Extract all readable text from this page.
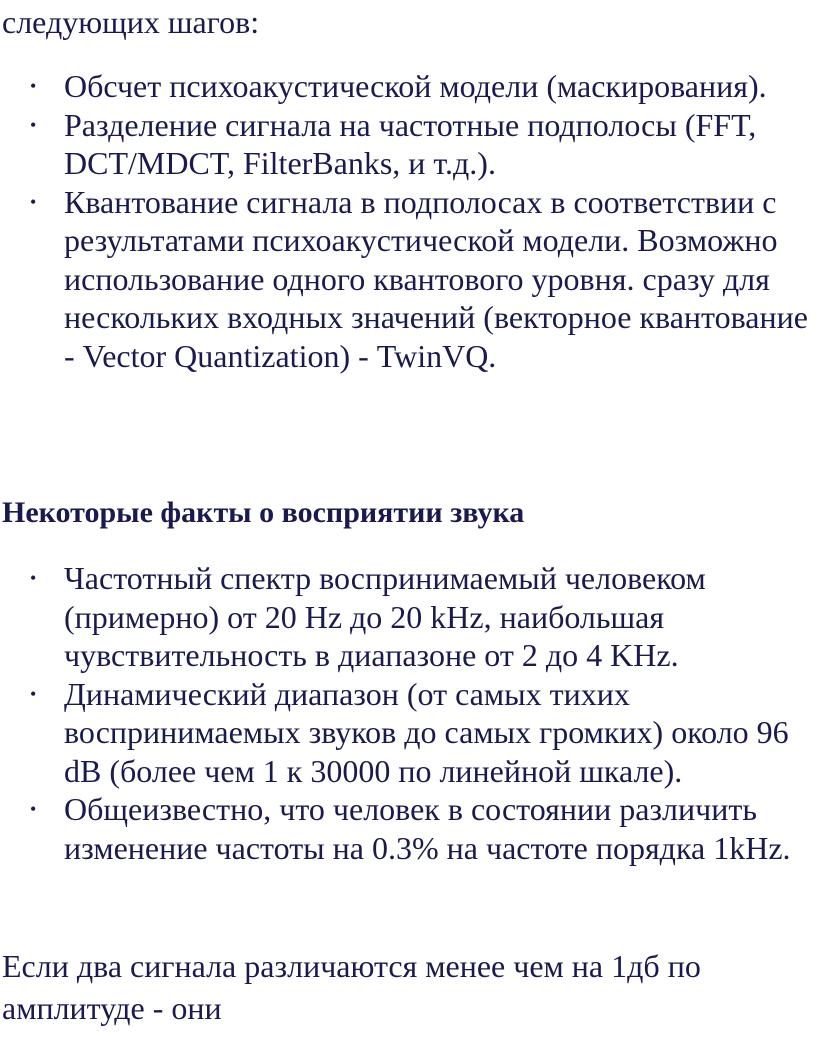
следующих шагов:

• Обсчет психоакустической модели (маскирования).
• Разделение сигнала на частотные подполосы (FFT, DCT/MDCT, FilterBanks, и т.д.).
• Квантование сигнала в подполосах в соответствии с результатами психоакустической модели. Возможно использование одного квантового уровня. сразу для нескольких входных значений (векторное квантование - Vector Quantization) - TwinVQ.
Некоторые факты о восприятии звука
• Частотный спектр воспринимаемый человеком (примерно) от 20 Hz до 20 kHz, наибольшая чувствительность в диапазоне от 2 до 4 KHz.
• Динамический диапазон (от самых тихих воспринимаемых звуков до самых громких) около 96 dB (более чем 1 к 30000 по линейной шкале).
• Общеизвестно, что человек в состоянии различить изменение частоты на 0.3% на частоте порядка 1kHz.

Если два сигнала различаются менее чем на 1дб по амплитуде - они
